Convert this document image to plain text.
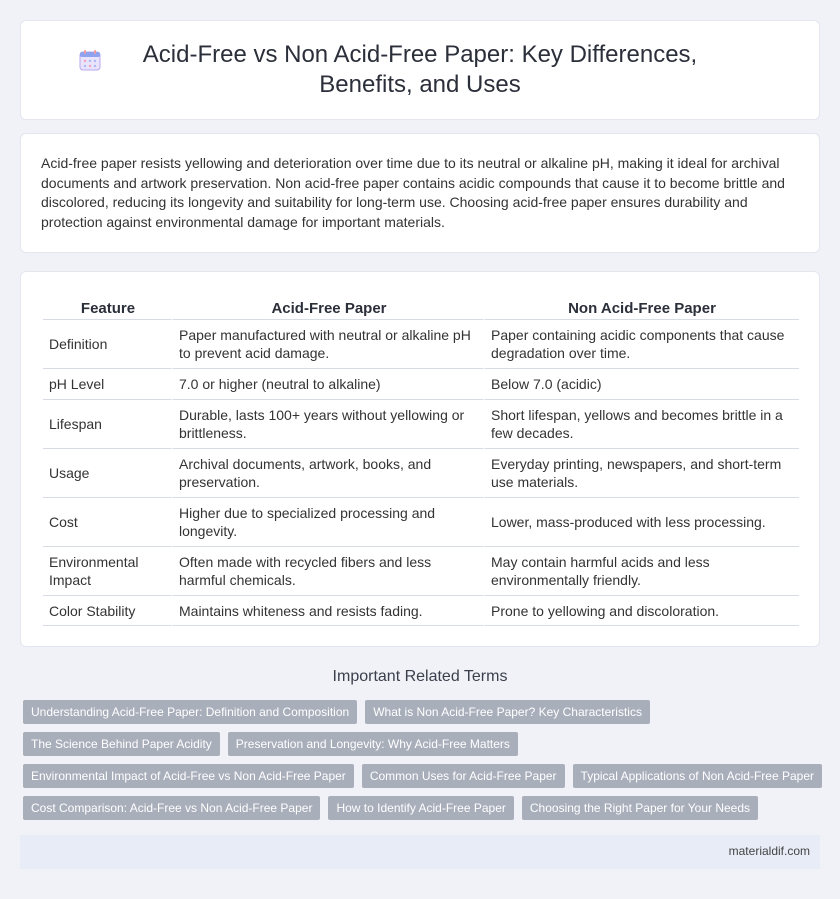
Acid-Free vs Non Acid-Free Paper: Key Differences, Benefits, and Uses

Acid-free paper resists yellowing and deterioration over time due to its neutral or alkaline pH, making it ideal for archival documents and artwork preservation. Non acid-free paper contains acidic compounds that cause it to become brittle and discolored, reducing its longevity and suitability for long-term use. Choosing acid-free paper ensures durability and protection against environmental damage for important materials.

Feature	Acid-Free Paper	Non Acid-Free Paper
Definition	Paper manufactured with neutral or alkaline pH to prevent acid damage.	Paper containing acidic components that cause degradation over time.
pH Level	7.0 or higher (neutral to alkaline)	Below 7.0 (acidic)
Lifespan	Durable, lasts 100+ years without yellowing or brittleness.	Short lifespan, yellows and becomes brittle in a few decades.
Usage	Archival documents, artwork, books, and preservation.	Everyday printing, newspapers, and short-term use materials.
Cost	Higher due to specialized processing and longevity.	Lower, mass-produced with less processing.
Environmental Impact	Often made with recycled fibers and less harmful chemicals.	May contain harmful acids and less environmentally friendly.
Color Stability	Maintains whiteness and resists fading.	Prone to yellowing and discoloration.
Important Related Terms
Understanding Acid-Free Paper: Definition and Composition	What is Non Acid-Free Paper? Key Characteristics
The Science Behind Paper Acidity	Preservation and Longevity: Why Acid-Free Matters
Environmental Impact of Acid-Free vs Non Acid-Free Paper	Common Uses for Acid-Free Paper	Typical Applications of Non Acid-Free Paper
Cost Comparison: Acid-Free vs Non Acid-Free Paper	How to Identify Acid-Free Paper	Choosing the Right Paper for Your Needs
materialdif.com
